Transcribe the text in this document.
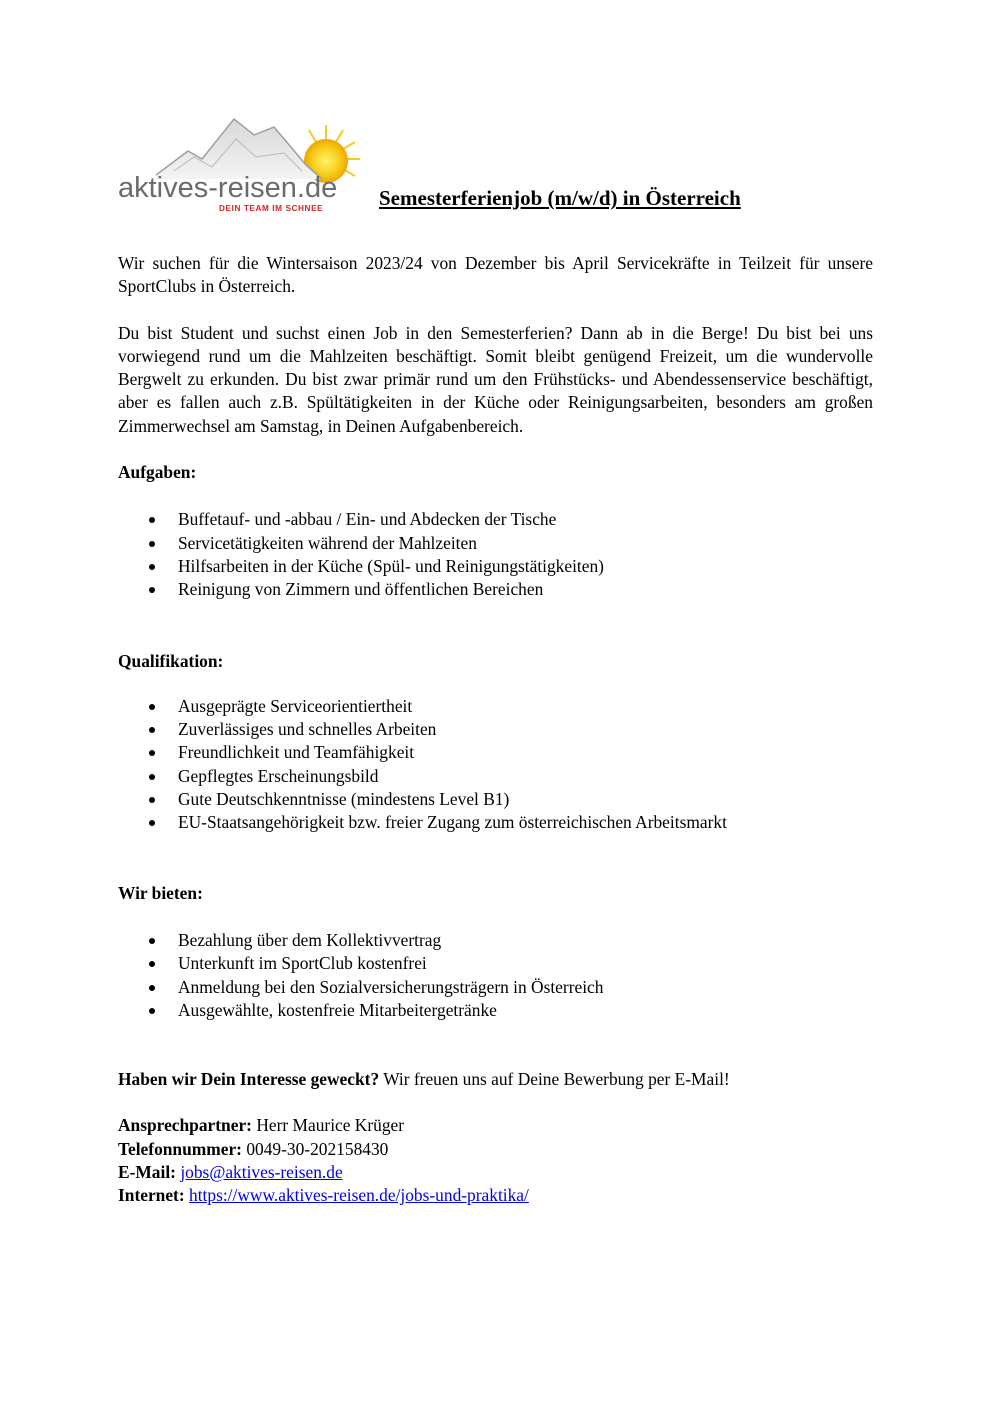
aktives-reisen.de
DEIN TEAM IM SCHNEE	Semesterferienjob (m/w/d) in Österreich

Wir suchen für die Wintersaison 2023/24 von Dezember bis April Servicekräfte in Teilzeit für unsere SportClubs in Österreich.

Du bist Student und suchst einen Job in den Semesterferien? Dann ab in die Berge! Du bist bei uns vorwiegend rund um die Mahlzeiten beschäftigt. Somit bleibt genügend Freizeit, um die wundervolle Bergwelt zu erkunden. Du bist zwar primär rund um den Frühstücks- und Abendessenservice beschäftigt, aber es fallen auch z.B. Spültätigkeiten in der Küche oder Reinigungsarbeiten, besonders am großen Zimmerwechsel am Samstag, in Deinen Aufgabenbereich.

Aufgaben:

Buffetauf- und -abbau / Ein- und Abdecken der Tische
Servicetätigkeiten während der Mahlzeiten
Hilfsarbeiten in der Küche (Spül- und Reinigungstätigkeiten)
Reinigung von Zimmern und öffentlichen Bereichen

Qualifikation:

Ausgeprägte Serviceorientiertheit
Zuverlässiges und schnelles Arbeiten
Freundlichkeit und Teamfähigkeit
Gepflegtes Erscheinungsbild
Gute Deutschkenntnisse (mindestens Level B1)
EU-Staatsangehörigkeit bzw. freier Zugang zum österreichischen Arbeitsmarkt

Wir bieten:

Bezahlung über dem Kollektivvertrag
Unterkunft im SportClub kostenfrei
Anmeldung bei den Sozialversicherungsträgern in Österreich
Ausgewählte, kostenfreie Mitarbeitergetränke

Haben wir Dein Interesse geweckt? Wir freuen uns auf Deine Bewerbung per E-Mail!

Ansprechpartner: Herr Maurice Krüger
Telefonnummer: 0049-30-202158430
E-Mail: jobs@aktives-reisen.de
Internet: https://www.aktives-reisen.de/jobs-und-praktika/
